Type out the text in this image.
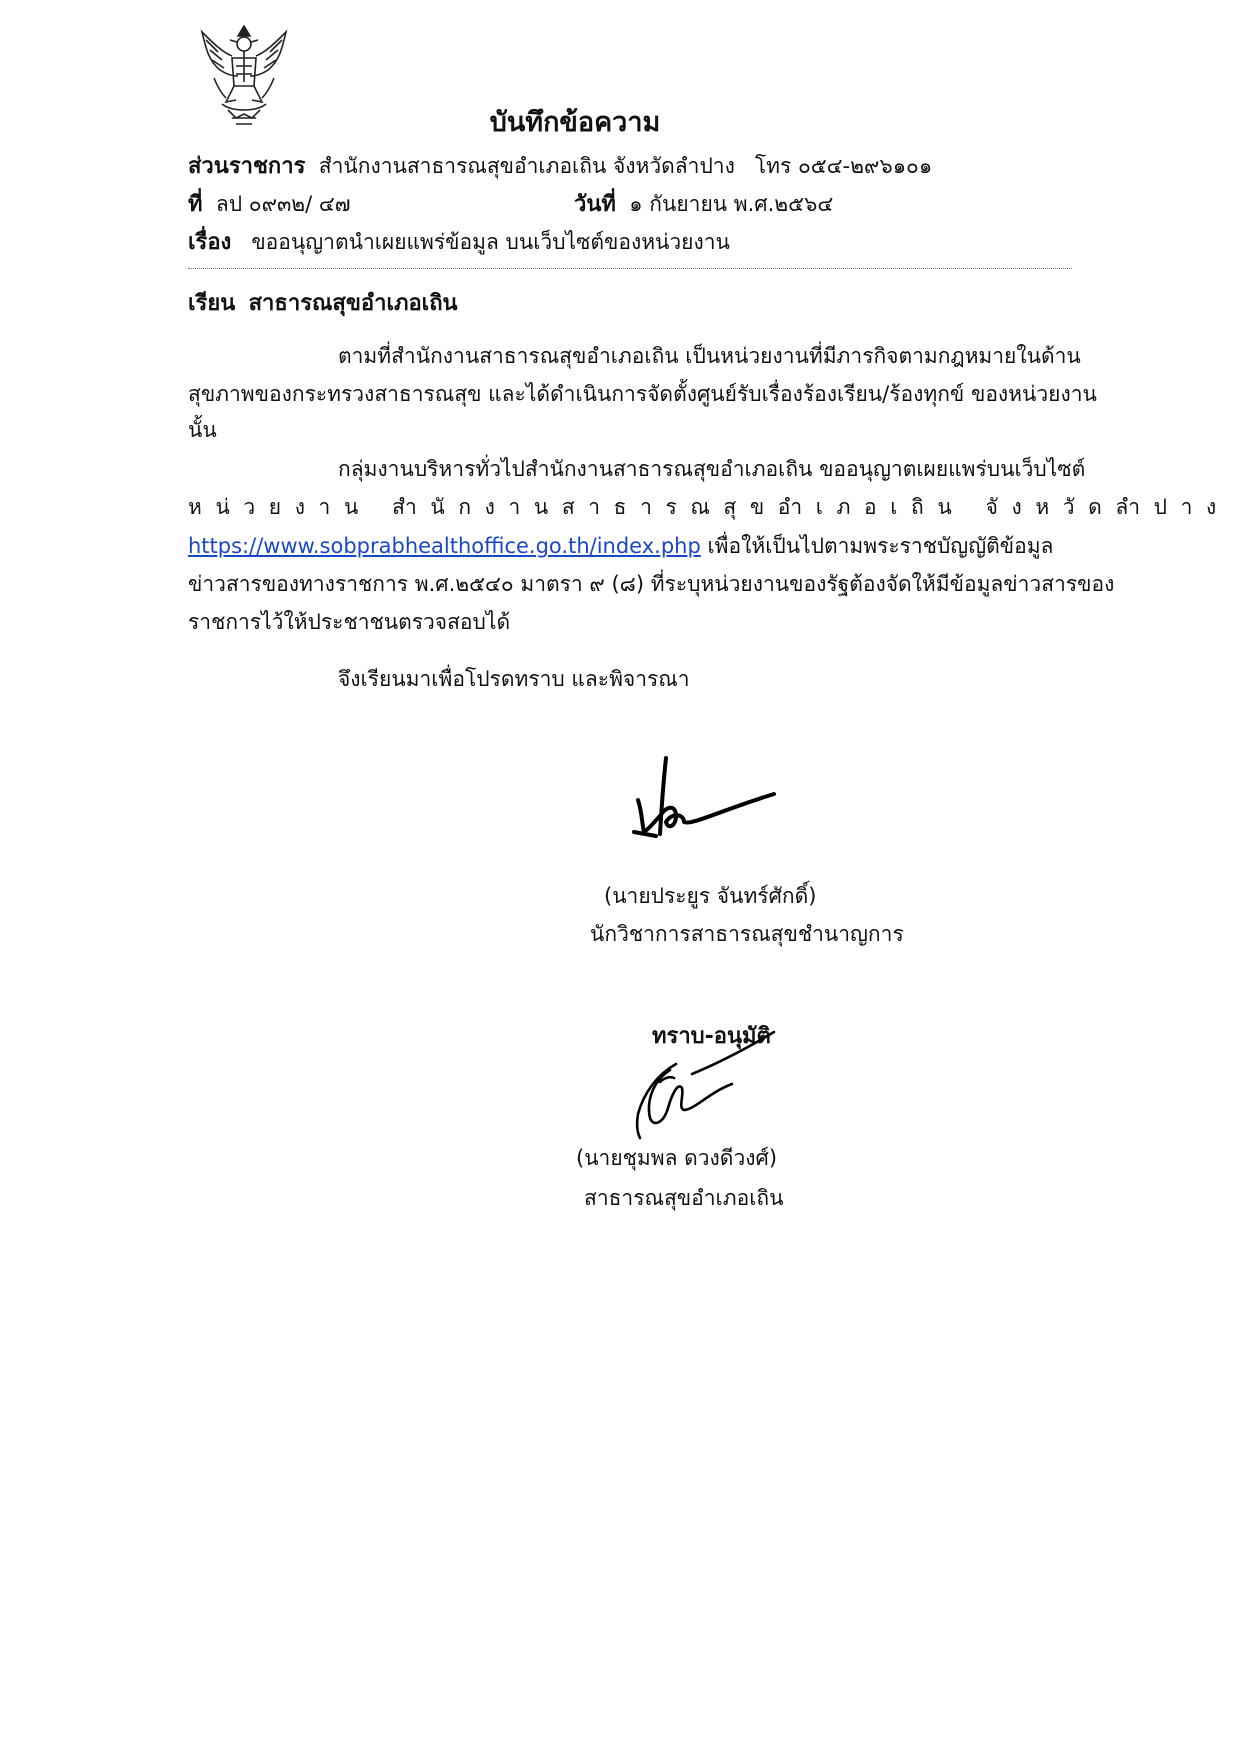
บันทึกข้อความ
ส่วนราชการ สำนักงานสาธารณสุขอำเภอเถิน จังหวัดลำปาง โทร ๐๕๔-๒๙๖๑๐๑
ที่ ลป ๐๙๓๒/ ๔๗	วันที่ ๑ กันยายน พ.ศ.๒๕๖๔
เรื่อง ขออนุญาตนำเผยแพร่ข้อมูล บนเว็บไซต์ของหน่วยงาน
เรียน สาธารณสุขอำเภอเถิน
ตามที่สำนักงานสาธารณสุขอำเภอเถิน เป็นหน่วยงานที่มีภารกิจตามกฎหมายในด้าน
สุขภาพของกระทรวงสาธารณสุข และได้ดำเนินการจัดตั้งศูนย์รับเรื่องร้องเรียน/ร้องทุกข์ ของหน่วยงาน
นั้น
กลุ่มงานบริหารทั่วไปสำนักงานสาธารณสุขอำเภอเถิน ขออนุญาตเผยแพร่บนเว็บไซต์
หน่วยงาน สำนักงานสาธารณสุขอำเภอเถิน จังหวัดลำปาง
https://www.sobprabhealthoffice.go.th/index.php เพื่อให้เป็นไปตามพระราชบัญญัติข้อมูล
ข่าวสารของทางราชการ พ.ศ.๒๕๔๐ มาตรา ๙ (๘) ที่ระบุหน่วยงานของรัฐต้องจัดให้มีข้อมูลข่าวสารของ
ราชการไว้ให้ประชาชนตรวจสอบได้
จึงเรียนมาเพื่อโปรดทราบ และพิจารณา
(นายประยูร จันทร์ศักดิ์)
นักวิชาการสาธารณสุขชำนาญการ
ทราบ-อนุมัติ
(นายชุมพล ดวงดีวงศ์)
สาธารณสุขอำเภอเถิน
